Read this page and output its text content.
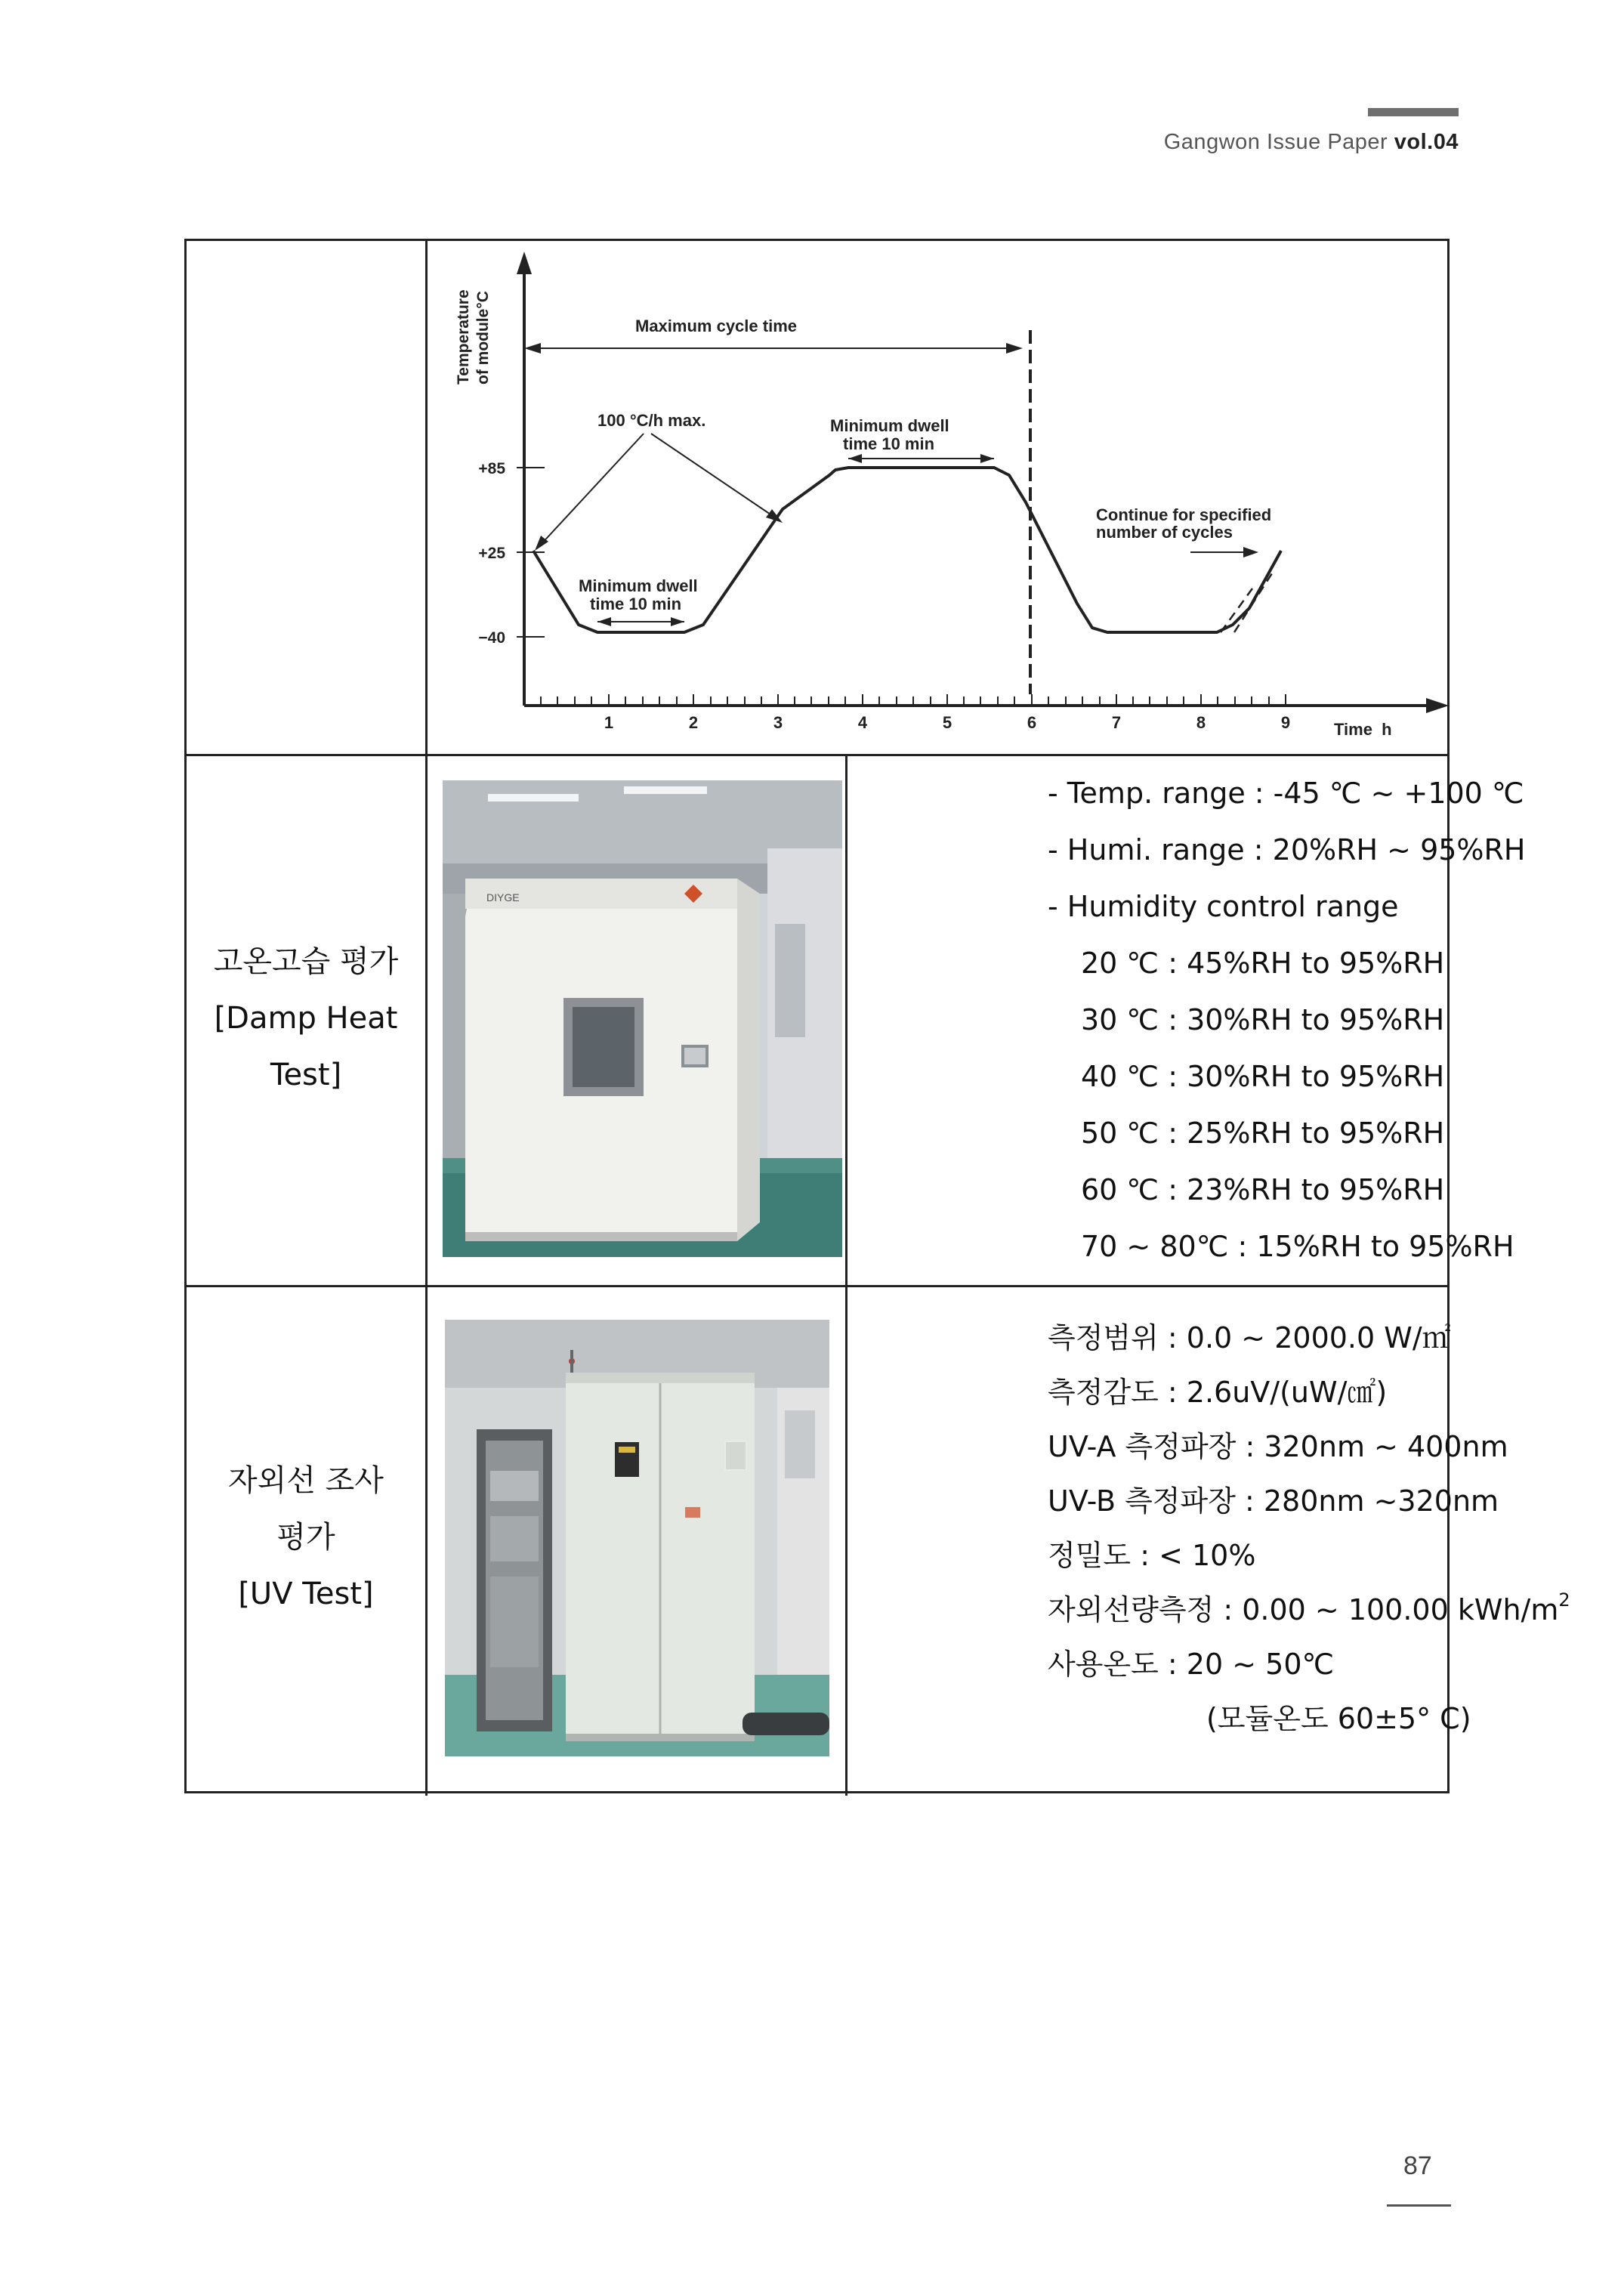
Gangwon Issue Paper vol.04
Temperature of module°C
+85
+25
−40
1	2	3	4	5	6	7	8	9	Time  h
Maximum cycle time
100 °C/h max.	Minimum dwell
time 10 min
Minimum dwell
time 10 min
Continue for specified
number of cycles
고온고습 평가
[Damp Heat
Test]
DIYGE
- Temp. range : -45 ℃ ~ +100 ℃
- Humi. range : 20%RH ~ 95%RH
- Humidity control range
20 ℃ : 45%RH to 95%RH
30 ℃ : 30%RH to 95%RH
40 ℃ : 30%RH to 95%RH
50 ℃ : 25%RH to 95%RH
60 ℃ : 23%RH to 95%RH
70 ~ 80℃ : 15%RH to 95%RH
자외선 조사
평가
[UV Test]
측정범위 : 0.0 ~ 2000.0 W/㎡
측정감도 : 2.6uV/(uW/㎠)
UV-A 측정파장 : 320nm ~ 400nm
UV-B 측정파장 : 280nm ~320nm
정밀도 : < 10%
자외선량측정 : 0.00 ~ 100.00 kWh/$m^2$
사용온도 : 20 ~ 50℃
(모듈온도 60±5° C)
87
